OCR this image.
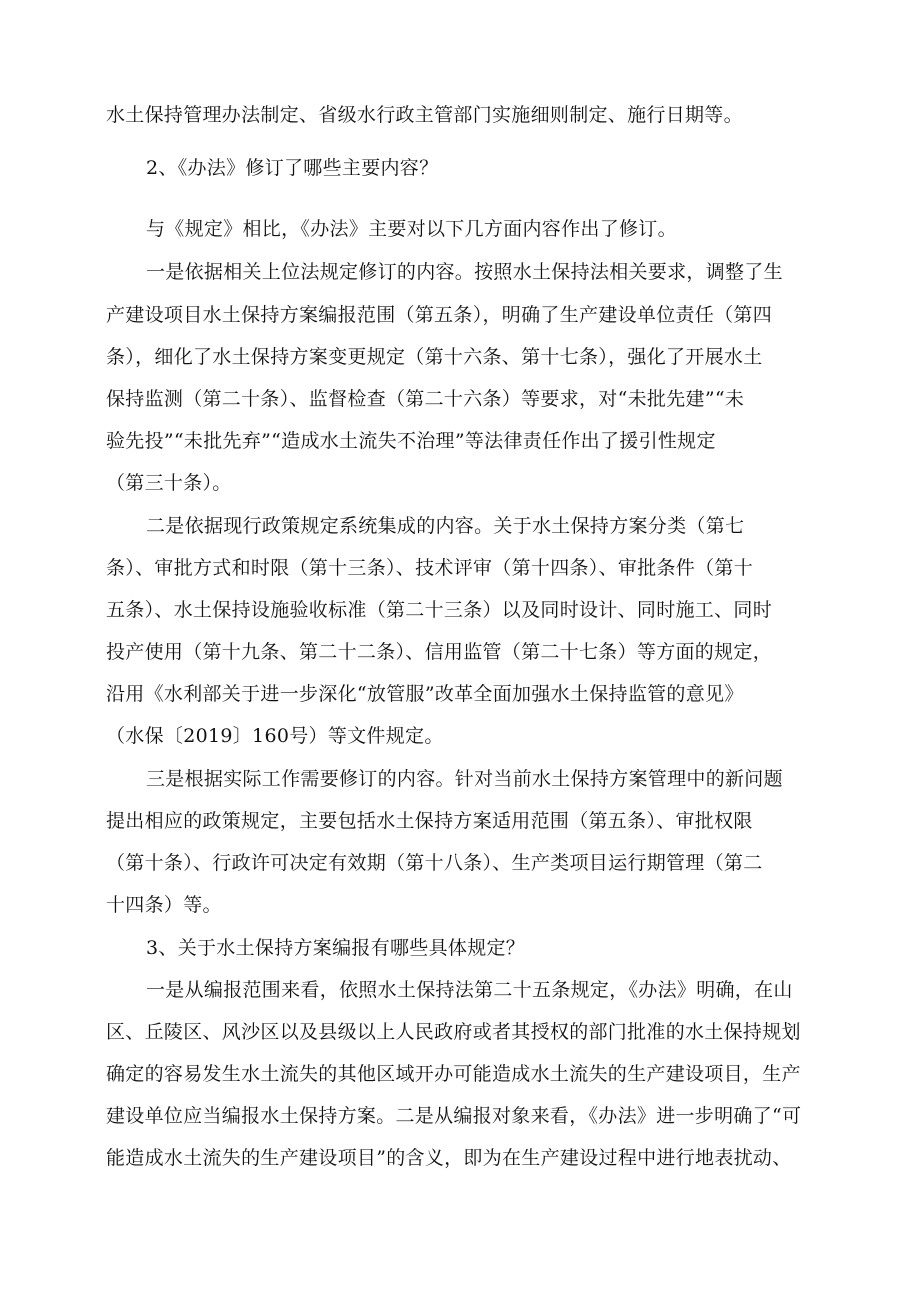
水土保持管理办法制定、省级水行政主管部门实施细则制定、施行日期等。
2、《办法》修订了哪些主要内容？
与《规定》相比，《办法》主要对以下几方面内容作出了修订。
一是依据相关上位法规定修订的内容。按照水土保持法相关要求，调整了生
产建设项目水土保持方案编报范围（第五条），明确了生产建设单位责任（第四
条），细化了水土保持方案变更规定（第十六条、第十七条），强化了开展水土
保持监测（第二十条）、监督检查（第二十六条）等要求，对“未批先建”“未
验先投”“未批先弃”“造成水土流失不治理”等法律责任作出了援引性规定
（第三十条）。
二是依据现行政策规定系统集成的内容。关于水土保持方案分类（第七
条）、审批方式和时限（第十三条）、技术评审（第十四条）、审批条件（第十
五条）、水土保持设施验收标准（第二十三条）以及同时设计、同时施工、同时
投产使用（第十九条、第二十二条）、信用监管（第二十七条）等方面的规定，
沿用《水利部关于进一步深化“放管服”改革全面加强水土保持监管的意见》
（水保〔2019〕160号）等文件规定。
三是根据实际工作需要修订的内容。针对当前水土保持方案管理中的新问题
提出相应的政策规定，主要包括水土保持方案适用范围（第五条）、审批权限
（第十条）、行政许可决定有效期（第十八条）、生产类项目运行期管理（第二
十四条）等。
3、关于水土保持方案编报有哪些具体规定？
一是从编报范围来看，依照水土保持法第二十五条规定，《办法》明确，在山
区、丘陵区、风沙区以及县级以上人民政府或者其授权的部门批准的水土保持规划
确定的容易发生水土流失的其他区域开办可能造成水土流失的生产建设项目，生产
建设单位应当编报水土保持方案。二是从编报对象来看，《办法》进一步明确了“可
能造成水土流失的生产建设项目”的含义，即为在生产建设过程中进行地表扰动、
